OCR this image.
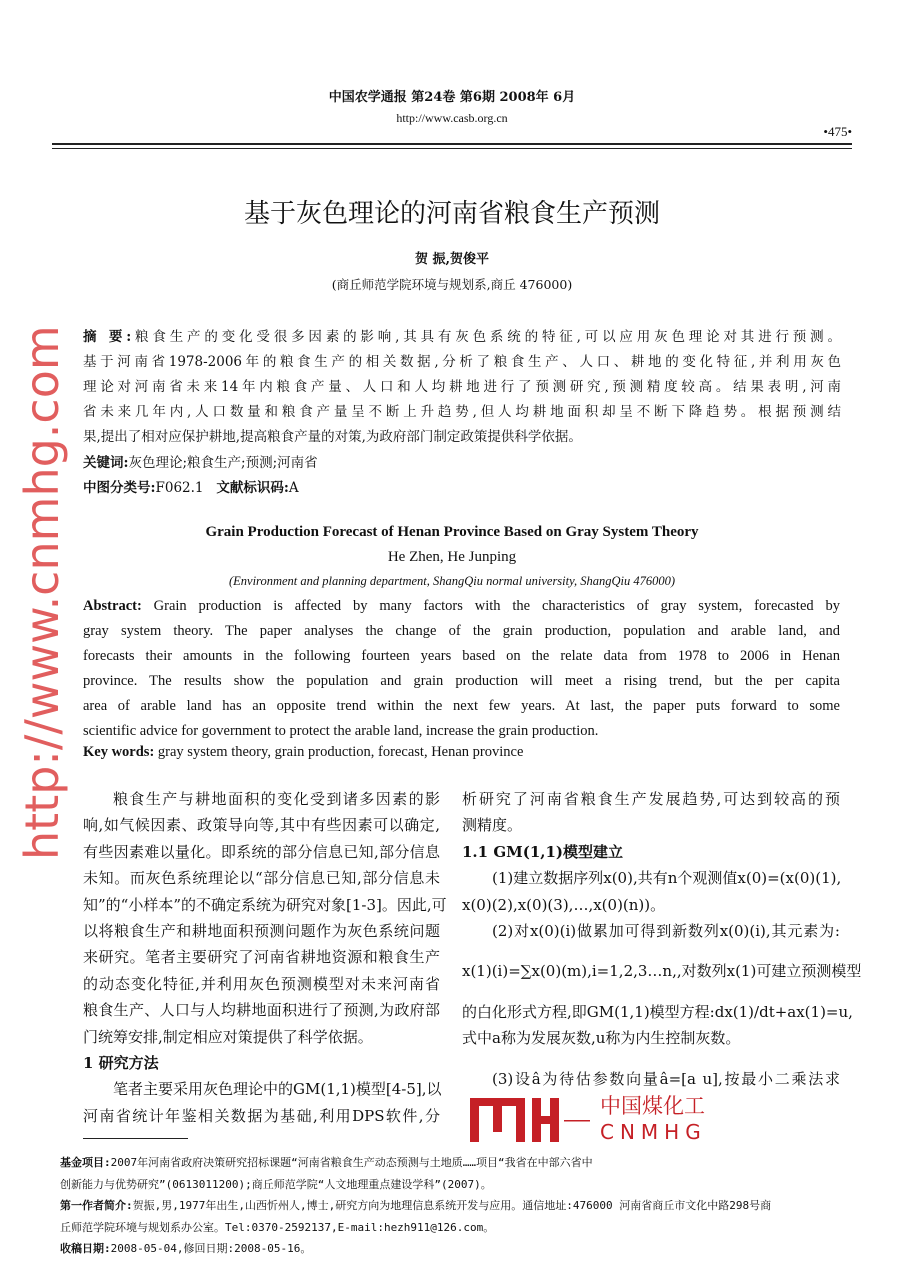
中国农学通报 第24卷 第6期 2008年 6月
http://www.casb.org.cn
•475•
基于灰色理论的河南省粮食生产预测
贺 振,贺俊平
(商丘师范学院环境与规划系,商丘 476000)
摘 要:粮食生产的变化受很多因素的影响,其具有灰色系统的特征,可以应用灰色理论对其进行预测。
基于河南省1978-2006年的粮食生产的相关数据,分析了粮食生产、人口、耕地的变化特征,并利用灰色
理论对河南省未来14年内粮食产量、人口和人均耕地进行了预测研究,预测精度较高。结果表明,河南
省未来几年内,人口数量和粮食产量呈不断上升趋势,但人均耕地面积却呈不断下降趋势。根据预测结
果,提出了相对应保护耕地,提高粮食产量的对策,为政府部门制定政策提供科学依据。
关键词:灰色理论;粮食生产;预测;河南省
中图分类号:F062.1 文献标识码:A
Grain Production Forecast of Henan Province Based on Gray System Theory
He Zhen, He Junping
(Environment and planning department, ShangQiu normal university, ShangQiu 476000)
Abstract: Grain production is affected by many factors with the characteristics of gray system, forecasted by
gray system theory. The paper analyses the change of the grain production, population and arable land, and
forecasts their amounts in the following fourteen years based on the relate data from 1978 to 2006 in Henan
province. The results show the population and grain production will meet a rising trend, but the per capita
area of arable land has an opposite trend within the next few years. At last, the paper puts forward to some
scientific advice for government to protect the arable land, increase the grain production.
Key words: gray system theory, grain production, forecast, Henan province
粮食生产与耕地面积的变化受到诸多因素的影
响,如气候因素、政策导向等,其中有些因素可以确定,
有些因素难以量化。即系统的部分信息已知,部分信息
未知。而灰色系统理论以“部分信息已知,部分信息未
知”的“小样本”的不确定系统为研究对象[1-3]。因此,可
以将粮食生产和耕地面积预测问题作为灰色系统问题
来研究。笔者主要研究了河南省耕地资源和粮食生产
的动态变化特征,并利用灰色预测模型对未来河南省
粮食生产、人口与人均耕地面积进行了预测,为政府部
门统筹安排,制定相应对策提供了科学依据。
1 研究方法
笔者主要采用灰色理论中的GM(1,1)模型[4-5],以
河南省统计年鉴相关数据为基础,利用DPS软件,分
析研究了河南省粮食生产发展趋势,可达到较高的预
测精度。
1.1 GM(1,1)模型建立
(1)建立数据序列x(0),共有n个观测值x(0)=(x(0)(1),
x(0)(2),x(0)(3),…,x(0)(n))。
(2)对x(0)(i)做累加可得到新数列x(0)(i),其元素为:
x(1)(i)=∑x(0)(m),i=1,2,3…n,,对数列x(1)可建立预测模型
的白化形式方程,即GM(1,1)模型方程:dx(1)/dt+ax(1)=u,
式中a称为发展灰数,u称为内生控制灰数。
(3)设â为待估参数向量â=[a u],按最小二乘法求
基金项目:2007年河南省政府决策研究招标课题“河南省粮食生产动态预测与土地质……项目“我省在中部六省中
创新能力与优势研究”(0613011200);商丘师范学院“人文地理重点建设学科”(2007)。
第一作者简介:贺振,男,1977年出生,山西忻州人,博士,研究方向为地理信息系统开发与应用。通信地址:476000 河南省商丘市文化中路298号商
丘师范学院环境与规划系办公室。Tel:0370-2592137,E-mail:hezh911@126.com。
收稿日期:2008-05-04,修回日期:2008-05-16。
http://www.cnmhg.com
中国煤化工
CNMHG
